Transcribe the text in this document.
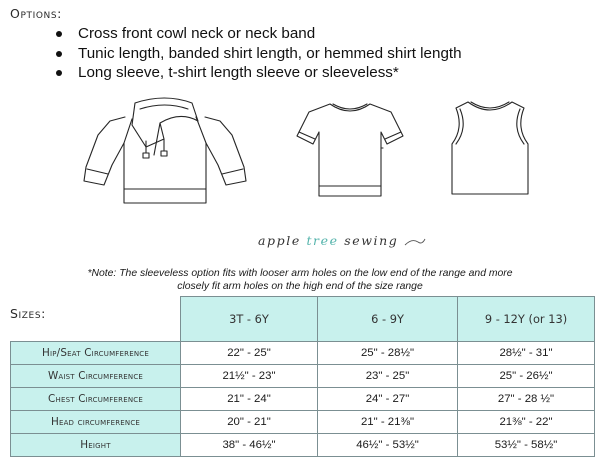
Options:
Cross front cowl neck or neck band
Tunic length, banded shirt length, or hemmed shirt length
Long sleeve, t-shirt length sleeve or sleeveless*
apple tree sewing
*Note: The sleeveless option fits with looser arm holes on the low end of the range and more
closely fit arm holes on the high end of the size range
Sizes:
		3T - 6Y	6 - 9Y	9 - 12Y (or 13)
Hip/Seat Circumference	22" - 25"	25" - 28½"	28½" - 31"
Waist Circumference	21½" - 23"	23" - 25"	25" - 26½"
Chest Circumference	21" - 24"	24" - 27"	27" - 28 ½"
Head circumference	20" - 21"	21" - 21⅜"	21⅜" - 22"
Height	38" - 46½"	46½" - 53½"	53½" - 58½"
